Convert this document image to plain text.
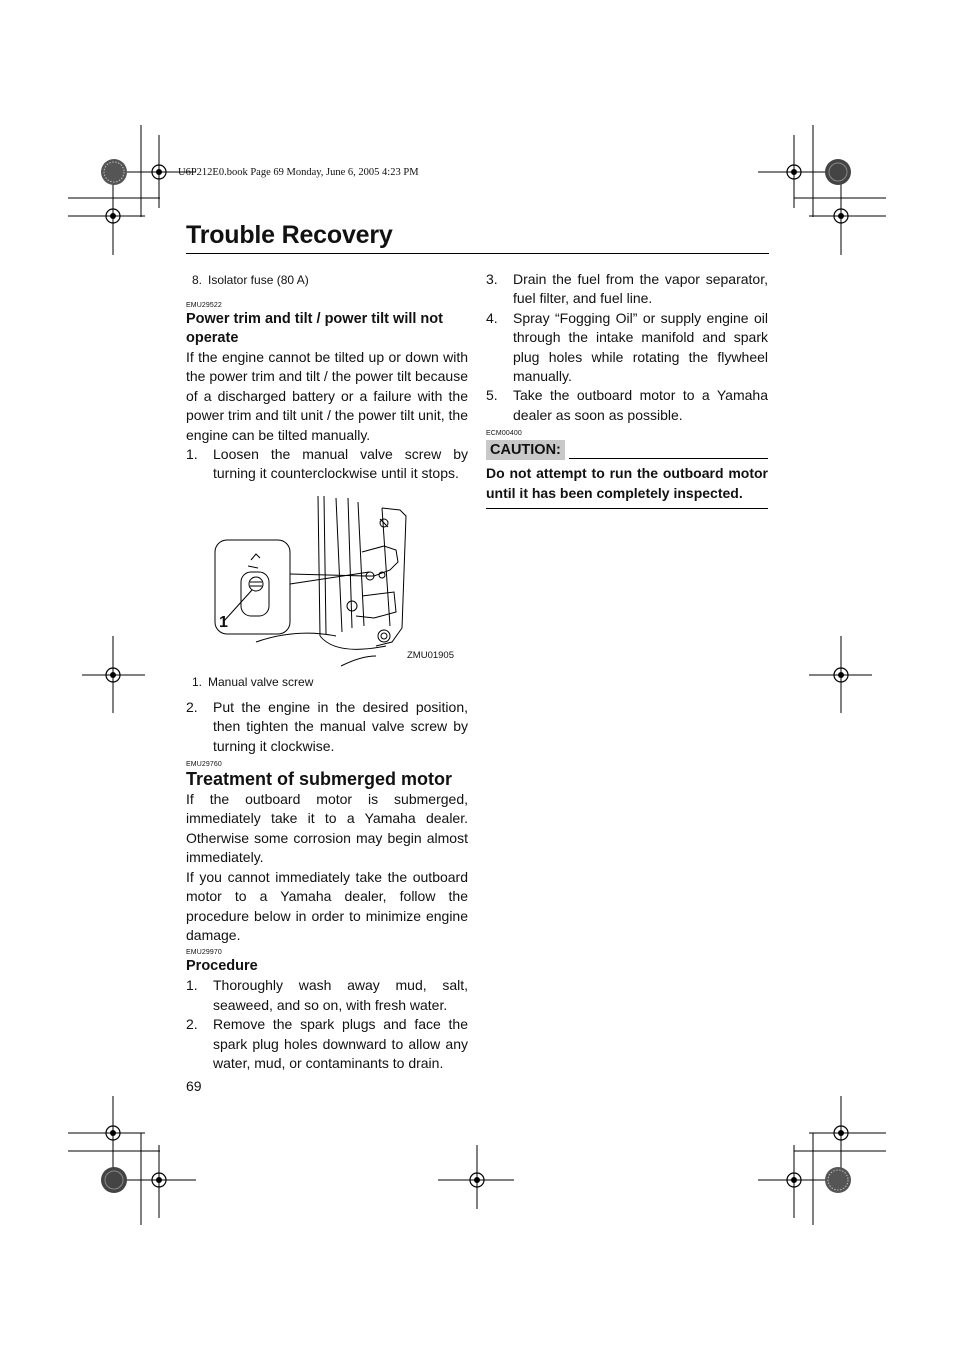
U6P212E0.book Page 69 Monday, June 6, 2005 4:23 PM
Trouble Recovery

8. Isolator fuse (80 A)

EMU29522

Power trim and tilt / power tilt will not operate

If the engine cannot be tilted up or down with the power trim and tilt / the power tilt because of a discharged battery or a failure with the power trim and tilt unit / the power tilt unit, the engine can be tilted manually.

1.	Loosen the manual valve screw by turning it counterclockwise until it stops.
1
ZMU01905

1. Manual valve screw

2.	Put the engine in the desired position, then tighten the manual valve screw by turning it clockwise.

EMU29760

Treatment of submerged motor

If the outboard motor is submerged, immediately take it to a Yamaha dealer. Otherwise some corrosion may begin almost immediately.

If you cannot immediately take the outboard motor to a Yamaha dealer, follow the procedure below in order to minimize engine damage.

EMU29970

Procedure

1.	Thoroughly wash away mud, salt, seaweed, and so on, with fresh water.
2.	Remove the spark plugs and face the spark plug holes downward to allow any water, mud, or contaminants to drain.
3.	Drain the fuel from the vapor separator, fuel filter, and fuel line.
4.	Spray “Fogging Oil” or supply engine oil through the intake manifold and spark plug holes while rotating the flywheel manually.
5.	Take the outboard motor to a Yamaha dealer as soon as possible.

ECM00400

CAUTION:

Do not attempt to run the outboard motor until it has been completely inspected.

69
